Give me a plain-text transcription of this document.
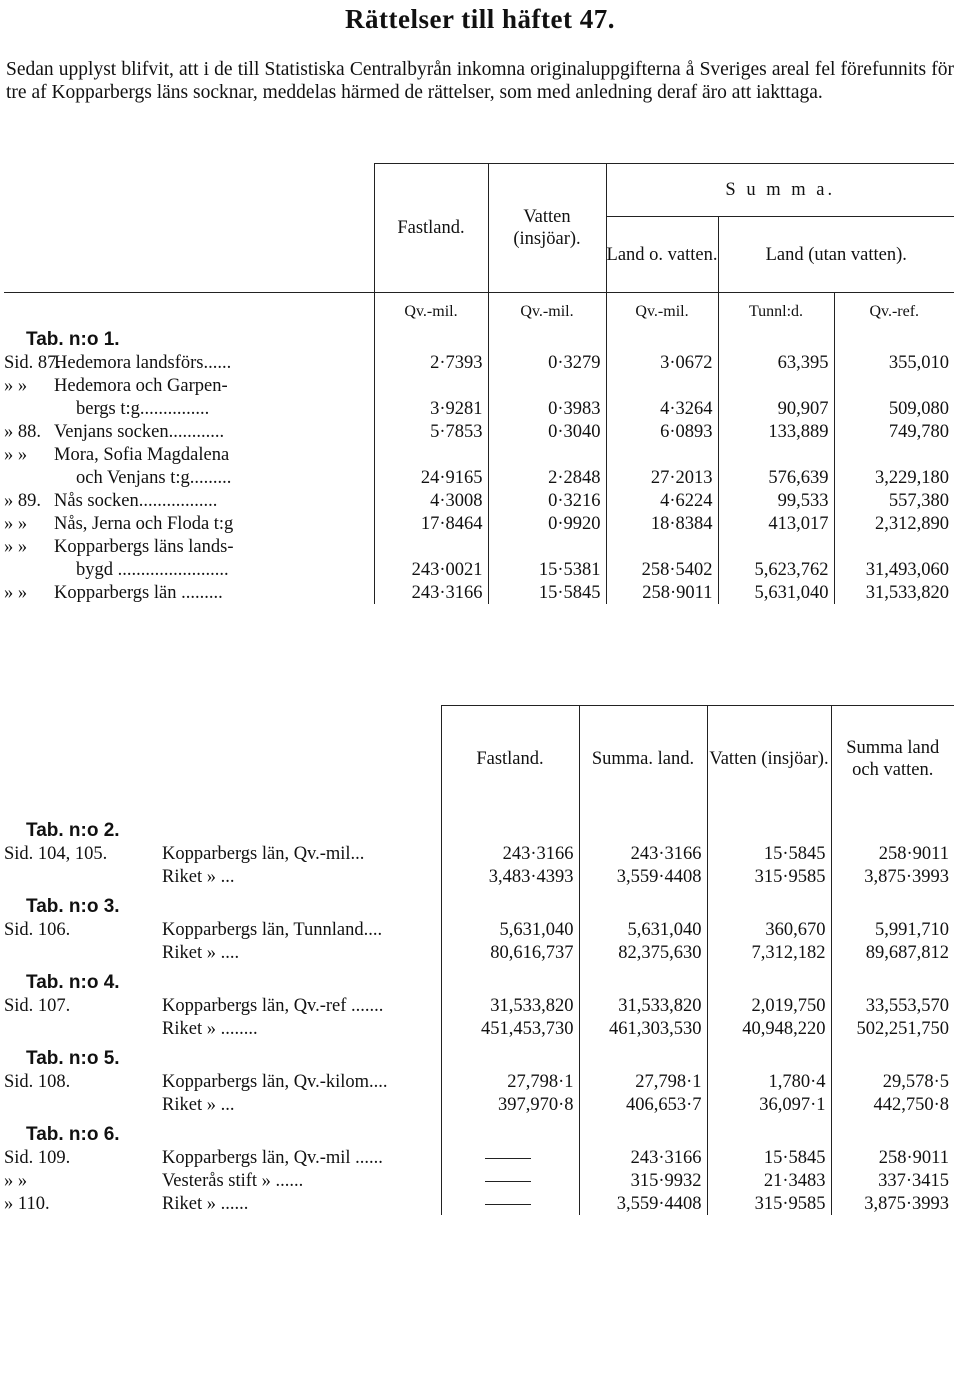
Rättelser till häftet 47.

Sedan upplyst blifvit, att i de till Statistiska Centralbyrån inkomna originaluppgifterna å Sveriges areal fel förefunnits för tre af Kopparbergs läns socknar, meddelas härmed de rättelser, som med anledning deraf äro att iakttaga.

		Fastland.	Vatten (insjöar).	S u m m a.		
				Land o. vatten.	Land (utan vatten).	
		Qv.-mil.	Qv.-mil.	Qv.-mil.	Tunnl:d.	Qv.-ref.
Tab. n:o 1.						
Sid. 87.	Hedemora landsförs......	2·7393	0·3279	3·0672	63,395	355,010
» »	Hedemora och Garpen-					
	bergs t:g...............	3·9281	0·3983	4·3264	90,907	509,080
» 88.	Venjans socken............	5·7853	0·3040	6·0893	133,889	749,780
» »	Mora, Sofia Magdalena					
	och Venjans t:g.........	24·9165	2·2848	27·2013	576,639	3,229,180
» 89.	Nås socken.................	4·3008	0·3216	4·6224	99,533	557,380
» »	Nås, Jerna och Floda t:g	17·8464	0·9920	18·8384	413,017	2,312,890
» »	Kopparbergs läns lands-					
	bygd ........................	243·0021	15·5381	258·5402	5,623,762	31,493,060
» »	Kopparbergs län .........	243·3166	15·5845	258·9011	5,631,040	31,533,820
		Fastland.	Summa. land.	Vatten (insjöar).	Summa land och vatten.
Tab. n:o 2.					
Sid. 104, 105.	Kopparbergs län, Qv.-mil...	243·3166	243·3166	15·5845	258·9011
	Riket » ...	3,483·4393	3,559·4408	315·9585	3,875·3993
Tab. n:o 3.					
Sid. 106.	Kopparbergs län, Tunnland....	5,631,040	5,631,040	360,670	5,991,710
	Riket » ....	80,616,737	82,375,630	7,312,182	89,687,812
Tab. n:o 4.					
Sid. 107.	Kopparbergs län, Qv.-ref .......	31,533,820	31,533,820	2,019,750	33,553,570
	Riket » ........	451,453,730	461,303,530	40,948,220	502,251,750
Tab. n:o 5.					
Sid. 108.	Kopparbergs län, Qv.-kilom....	27,798·1	27,798·1	1,780·4	29,578·5
	Riket » ...	397,970·8	406,653·7	36,097·1	442,750·8
Tab. n:o 6.					
Sid. 109.	Kopparbergs län, Qv.-mil ......		243·3166	15·5845	258·9011
» »	Vesterås stift » ......		315·9932	21·3483	337·3415
» 110.	Riket » ......		3,559·4408	315·9585	3,875·3993
